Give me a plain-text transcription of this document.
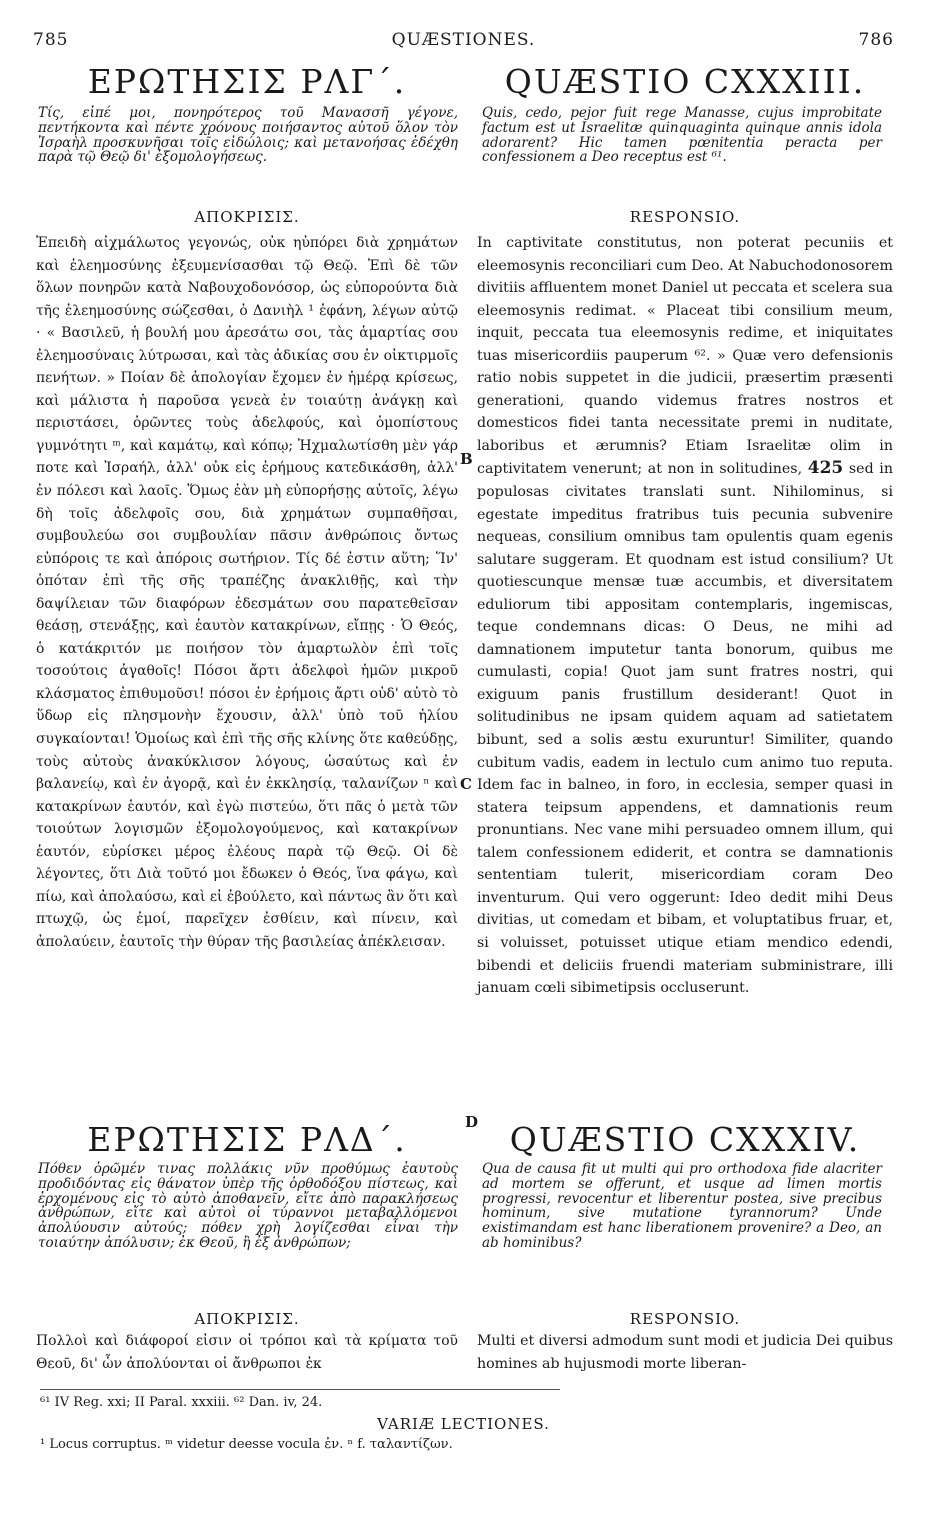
785	QUÆSTIONES.	786
ΕΡΩΤΗΣΙΣ ΡΛΓ΄.	QUÆSTIO CXXXIII.
Τίς, εἰπέ μοι, πονηρότερος τοῦ Μανασσῆ γέγονε, πεντήκοντα καὶ πέντε χρόνους ποιήσαντος αὐτοῦ ὅλον τὸν Ἰσραὴλ προσκυνῆσαι τοῖς εἰδώλοις; καὶ μετανοήσας ἐδέχθη παρὰ τῷ Θεῷ δι' ἐξομολογήσεως.
Quis, cedo, pejor fuit rege Manasse, cujus improbitate factum est ut Israelitæ quinquaginta quinque annis idola adorarent? Hic tamen pœnitentia peracta per confessionem a Deo receptus est ⁶¹.
ΑΠΟΚΡΙΣΙΣ.	RESPONSIO.
Ἐπειδὴ αἰχμάλωτος γεγονώς, οὐκ ηὐπόρει διὰ χρημάτων καὶ ἐλεημοσύνης ἐξευμενίσασθαι τῷ Θεῷ. Ἐπὶ δὲ τῶν ὅλων πονηρῶν κατὰ Ναβουχοδονόσορ, ὡς εὐπορούντα διὰ τῆς ἐλεημοσύνης σώζεσθαι, ὁ Δανιὴλ ¹ ἐφάνη, λέγων αὐτῷ · « Βασιλεῦ, ἡ βουλή μου ἀρεσάτω σοι, τὰς ἁμαρτίας σου ἐλεημοσύναις λύτρωσαι, καὶ τὰς ἀδικίας σου ἐν οἰκτιρμοῖς πενήτων. » Ποίαν δὲ ἀπολογίαν ἔχομεν ἐν ἡμέρᾳ κρίσεως, καὶ μάλιστα ἡ παροῦσα γενεὰ ἐν τοιαύτῃ ἀνάγκῃ καὶ περιστάσει, ὁρῶντες τοὺς ἀδελφούς, καὶ ὁμοπίστους γυμνότητι ᵐ, καὶ καμάτῳ, καὶ κόπῳ; Ἠχμαλωτίσθη μὲν γάρ ποτε καὶ Ἰσραήλ, ἀλλ' οὐκ εἰς ἐρήμους κατεδικάσθη, ἀλλ' ἐν πόλεσι καὶ λαοῖς. Ὅμως ἐὰν μὴ εὐπορήσῃς αὐτοῖς, λέγω δὴ τοῖς ἀδελφοῖς σου, διὰ χρημάτων συμπαθῆσαι, συμβουλεύω σοι συμβουλίαν πᾶσιν ἀνθρώποις ὄντως εὐπόροις τε καὶ ἀπόροις σωτήριον. Τίς δέ ἐστιν αὕτη; Ἵν' ὁπόταν ἐπὶ τῆς σῆς τραπέζης ἀνακλιθῇς, καὶ τὴν δαψίλειαν τῶν διαφόρων ἐδεσμάτων σου παρατεθεῖσαν θεάσῃ, στενάξῃς, καὶ ἑαυτὸν κατακρίνων, εἴπῃς · Ὁ Θεός, ὁ κατάκριτόν με ποιήσον τὸν ἁμαρτωλὸν ἐπὶ τοῖς τοσούτοις ἀγαθοῖς! Πόσοι ἄρτι ἀδελφοὶ ἡμῶν μικροῦ κλάσματος ἐπιθυμοῦσι! πόσοι ἐν ἐρήμοις ἄρτι οὐδ' αὐτὸ τὸ ὕδωρ εἰς πλησμονὴν ἔχουσιν, ἀλλ' ὑπὸ τοῦ ἡλίου συγκαίονται! Ὁμοίως καὶ ἐπὶ τῆς σῆς κλίνης ὅτε καθεύδῃς, τοὺς αὐτοὺς ἀνακύκλισον λόγους, ὡσαύτως καὶ ἐν βαλανείῳ, καὶ ἐν ἀγορᾷ, καὶ ἐν ἐκκλησίᾳ, ταλανίζων ⁿ καὶ κατακρίνων ἑαυτόν, καὶ ἐγὼ πιστεύω, ὅτι πᾶς ὁ μετὰ τῶν τοιούτων λογισμῶν ἐξομολογούμενος, καὶ κατακρίνων ἑαυτόν, εὑρίσκει μέρος ἐλέους παρὰ τῷ Θεῷ. Οἱ δὲ λέγοντες, ὅτι Διὰ τοῦτό μοι ἔδωκεν ὁ Θεός, ἵνα φάγω, καὶ πίω, καὶ ἀπολαύσω, καὶ εἰ ἐβούλετο, καὶ πάντως ἂν ὅτι καὶ πτωχῷ, ὡς ἐμοί, παρεῖχεν ἐσθίειν, καὶ πίνειν, καὶ ἀπολαύειν, ἑαυτοῖς τὴν θύραν τῆς βασιλείας ἀπέκλεισαν.
In captivitate constitutus, non poterat pecuniis et eleemosynis reconciliari cum Deo. At Nabuchodonosorem divitiis affluentem monet Daniel ut peccata et scelera sua eleemosynis redimat. « Placeat tibi consilium meum, inquit, peccata tua eleemosynis redime, et iniquitates tuas misericordiis pauperum ⁶². » Quæ vero defensionis ratio nobis suppetet in die judicii, præsertim præsenti generationi, quando videmus fratres nostros et domesticos fidei tanta necessitate premi in nuditate, laboribus et ærumnis? Etiam Israelitæ olim in captivitatem venerunt; at non in solitudines, 425 sed in populosas civitates translati sunt. Nihilominus, si egestate impeditus fratribus tuis pecunia subvenire nequeas, consilium omnibus tam opulentis quam egenis salutare suggeram. Et quodnam est istud consilium? Ut quotiescunque mensæ tuæ accumbis, et diversitatem eduliorum tibi appositam contemplaris, ingemiscas, teque condemnans dicas: O Deus, ne mihi ad damnationem imputetur tanta bonorum, quibus me cumulasti, copia! Quot jam sunt fratres nostri, qui exiguum panis frustillum desiderant! Quot in solitudinibus ne ipsam quidem aquam ad satietatem bibunt, sed a solis æstu exuruntur! Similiter, quando cubitum vadis, eadem in lectulo cum animo tuo reputa. Idem fac in balneo, in foro, in ecclesia, semper quasi in statera teipsum appendens, et damnationis reum pronuntians. Nec vane mihi persuadeo omnem illum, qui talem confessionem ediderit, et contra se damnationis sententiam tulerit, misericordiam coram Deo inventurum. Qui vero oggerunt: Ideo dedit mihi Deus divitias, ut comedam et bibam, et voluptatibus fruar, et, si voluisset, potuisset utique etiam mendico edendi, bibendi et deliciis fruendi materiam subministrare, illi januam cœli sibimetipsis occluserunt.
B
C
D
ΕΡΩΤΗΣΙΣ ΡΛΔ΄.	QUÆSTIO CXXXIV.
Πόθεν ὁρῶμέν τινας πολλάκις νῦν προθύμως ἑαυτοὺς προδιδόντας εἰς θάνατον ὑπὲρ τῆς ὀρθοδόξου πίστεως, καὶ ἐρχομένους εἰς τὸ αὐτὸ ἀποθανεῖν, εἴτε ἀπὸ παρακλήσεως ἀνθρώπων, εἴτε καὶ αὐτοὶ οἱ τύραννοι μεταβαλλόμενοι ἀπολύουσιν αὐτούς; πόθεν χρὴ λογίζεσθαι εἶναι τὴν τοιαύτην ἀπόλυσιν; ἐκ Θεοῦ, ἢ ἐξ ἀνθρώπων;
Qua de causa fit ut multi qui pro orthodoxa fide alacriter ad mortem se offerunt, et usque ad limen mortis progressi, revocentur et liberentur postea, sive precibus hominum, sive mutatione tyrannorum? Unde existimandam est hanc liberationem provenire? a Deo, an ab hominibus?
ΑΠΟΚΡΙΣΙΣ.	RESPONSIO.
Πολλοὶ καὶ διάφοροί εἰσιν οἱ τρόποι καὶ τὰ κρίματα τοῦ Θεοῦ, δι' ὧν ἀπολύονται οἱ ἄνθρωποι ἐκ
Multi et diversi admodum sunt modi et judicia Dei quibus homines ab hujusmodi morte liberan-
⁶¹ IV Reg. xxi; II Paral. xxxiii. ⁶² Dan. iv, 24.
VARIÆ LECTIONES.
¹ Locus corruptus. ᵐ videtur deesse vocula ἐν. ⁿ f. ταλαντίζων.
